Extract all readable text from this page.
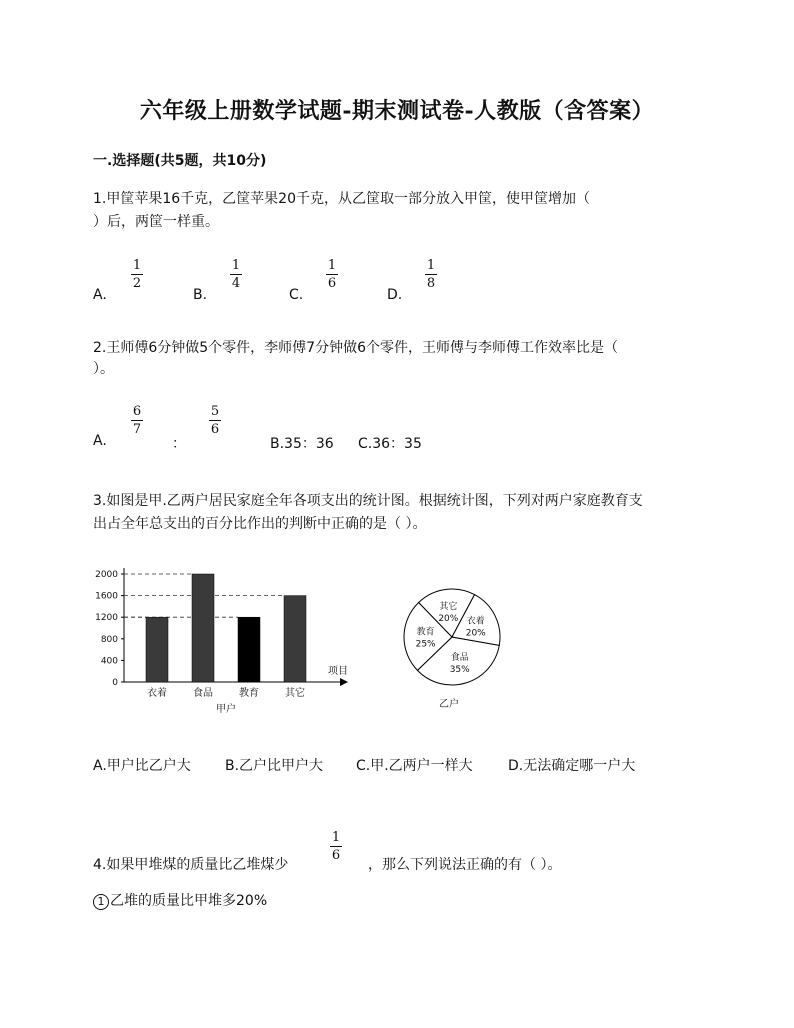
六年级上册数学试题-期末测试卷-人教版（含答案）
一.选择题(共5题，共10分)
1.甲筐苹果16千克，乙筐苹果20千克，从乙筐取一部分放入甲筐，使甲筐增加（
）后，两筐一样重。
A.
1
2
B.
1
4
C.
1
6
D.
1
8
2.王师傅6分钟做5个零件，李师傅7分钟做6个零件，王师傅与李师傅工作效率比是（
）。
A.
6
7
：
5
6
B.35：36 C.36：35
3.如图是甲.乙两户居民家庭全年各项支出的统计图。根据统计图，下列对两户家庭教育支
出占全年总支出的百分比作出的判断中正确的是（ ）。
0
400
800
1200
1600
2000
衣着	食品	教育	其它
项目
甲户
衣着
20%
食品
35%
教育
25%
其它
20%
乙户
A.甲户比乙户大 B.乙户比甲户大 C.甲.乙两户一样大	D.无法确定哪一户大
4.如果甲堆煤的质量比乙堆煤少
1
6
，那么下列说法正确的有（ ）。
1 乙堆的质量比甲堆多20%
